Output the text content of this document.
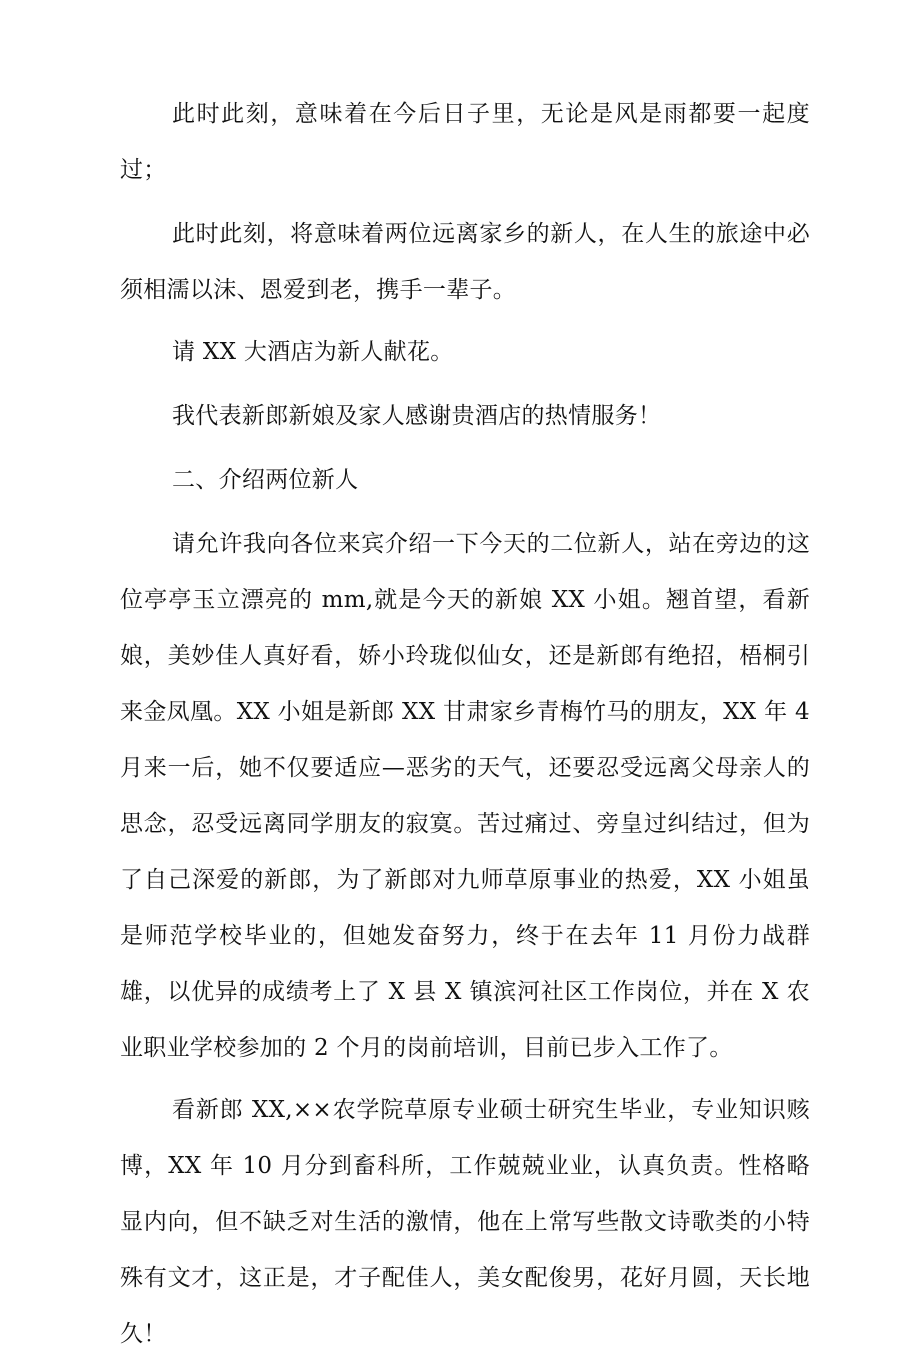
此时此刻，意味着在今后日子里，无论是风是雨都要一起度过；

此时此刻，将意味着两位远离家乡的新人，在人生的旅途中必须相濡以沫、恩爱到老，携手一辈子。

请 XX 大酒店为新人献花。

我代表新郎新娘及家人感谢贵酒店的热情服务！

二、介绍两位新人

请允许我向各位来宾介绍一下今天的二位新人，站在旁边的这位亭亭玉立漂亮的 mm,就是今天的新娘 XX 小姐。翘首望，看新娘，美妙佳人真好看，娇小玲珑似仙女，还是新郎有绝招，梧桐引来金凤凰。XX 小姐是新郎 XX 甘肃家乡青梅竹马的朋友，XX 年 4 月来一后，她不仅要适应—恶劣的天气，还要忍受远离父母亲人的思念，忍受远离同学朋友的寂寞。苦过痛过、旁皇过纠结过，但为了自己深爱的新郎，为了新郎对九师草原事业的热爱，XX 小姐虽是师范学校毕业的，但她发奋努力，终于在去年 11 月份力战群雄，以优异的成绩考上了 X 县 X 镇滨河社区工作岗位，并在 X 农业职业学校参加的 2 个月的岗前培训，目前已步入工作了。

看新郎 XX,××农学院草原专业硕士研究生毕业，专业知识赅博，XX 年 10 月分到畜科所，工作兢兢业业，认真负责。性格略显内向，但不缺乏对生活的激情，他在上常写些散文诗歌类的小特殊有文才，这正是，才子配佳人，美女配俊男，花好月圆，天长地久！
